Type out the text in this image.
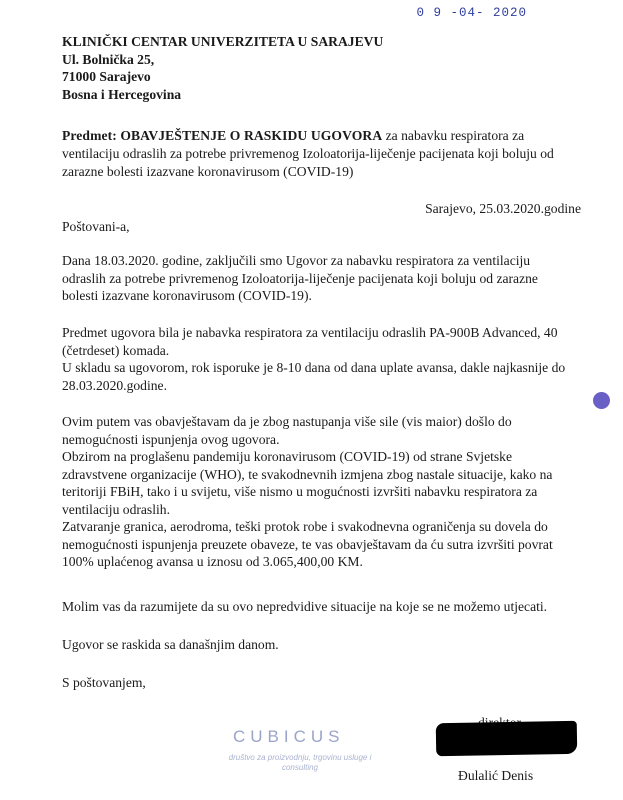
0 9 -04- 2020
KLINIČKI CENTAR UNIVERZITETA U SARAJEVU
Ul. Bolnička 25,
71000 Sarajevo
Bosna i Hercegovina
Predmet: OBAVJEŠTENJE O RASKIDU UGOVORA za nabavku respiratora za
ventilaciju odraslih za potrebe privremenog Izoloatorija-liječenje pacijenata koji boluju od
zarazne bolesti izazvane koronavirusom (COVID-19)
Sarajevo, 25.03.2020.godine
Poštovani-a,
Dana 18.03.2020. godine, zaključili smo Ugovor za nabavku respiratora za ventilaciju
odraslih za potrebe privremenog Izoloatorija-liječenje pacijenata koji boluju od zarazne
bolesti izazvane koronavirusom (COVID-19).
Predmet ugovora bila je nabavka respiratora za ventilaciju odraslih PA-900B Advanced, 40
(četrdeset) komada.
U skladu sa ugovorom, rok isporuke je 8-10 dana od dana uplate avansa, dakle najkasnije do
28.03.2020.godine.
Ovim putem vas obavještavam da je zbog nastupanja više sile (vis maior) došlo do
nemogućnosti ispunjenja ovog ugovora.
Obzirom na proglašenu pandemiju koronavirusom (COVID-19) od strane Svjetske
zdravstvene organizacije (WHO), te svakodnevnih izmjena zbog nastale situacije, kako na
teritoriji FBiH, tako i u svijetu, više nismo u mogućnosti izvršiti nabavku respiratora za
ventilaciju odraslih.
Zatvaranje granica, aerodroma, teški protok robe i svakodnevna ograničenja su dovela do
nemogućnosti ispunjenja preuzete obaveze, te vas obavještavam da ću sutra izvršiti povrat
100% uplaćenog avansa u iznosu od 3.065,400,00 KM.
Molim vas da razumijete da su ovo nepredvidive situacije na koje se ne možemo utjecati.
Ugovor se raskida sa današnjim danom.
S poštovanjem,
CUBICUS
društvo za proizvodnju, trgovinu usluge i consulting
Đulalić Denis
